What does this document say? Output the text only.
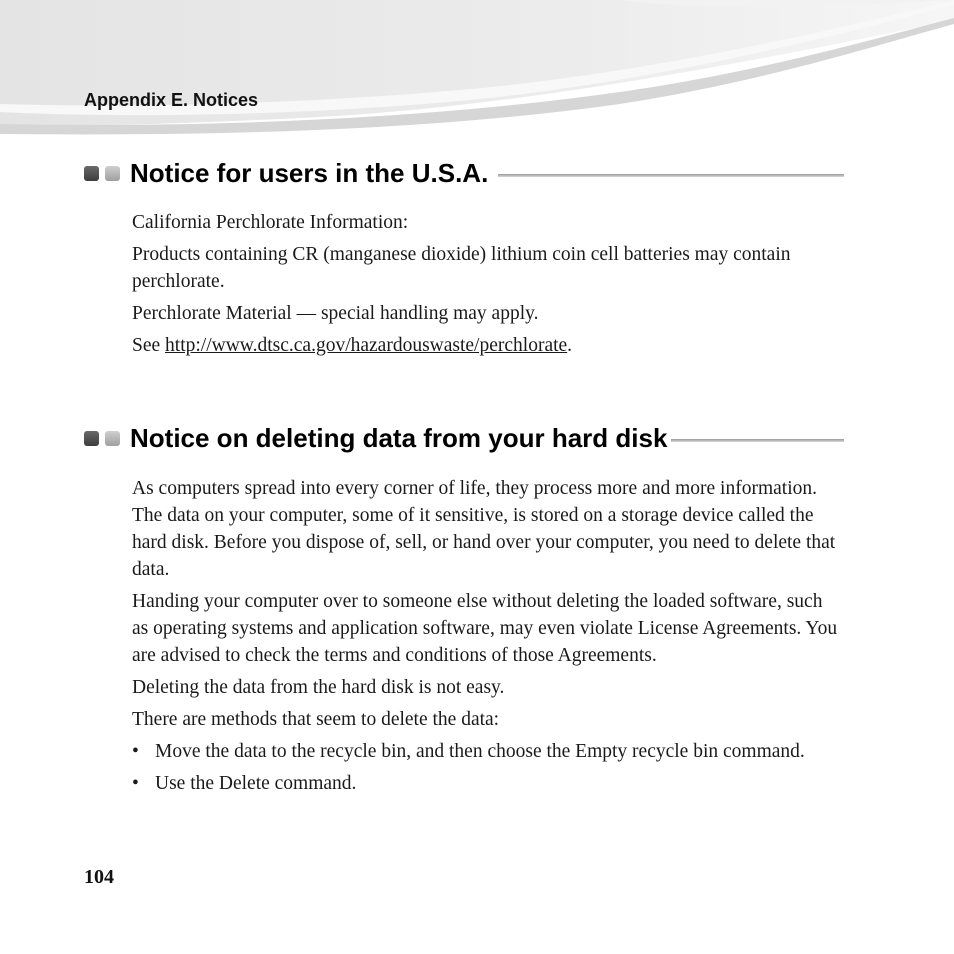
Appendix E. Notices
Notice for users in the U.S.A.

California Perchlorate Information:

Products containing CR (manganese dioxide) lithium coin cell batteries may contain perchlorate.

Perchlorate Material — special handling may apply.

See http://www.dtsc.ca.gov/hazardouswaste/perchlorate.

Notice on deleting data from your hard disk

As computers spread into every corner of life, they process more and more information. The data on your computer, some of it sensitive, is stored on a storage device called the hard disk. Before you dispose of, sell, or hand over your computer, you need to delete that data.

Handing your computer over to someone else without deleting the loaded software, such as operating systems and application software, may even violate License Agreements. You are advised to check the terms and conditions of those Agreements.

Deleting the data from the hard disk is not easy.

There are methods that seem to delete the data:

• Move the data to the recycle bin, and then choose the Empty recycle bin command.
• Use the Delete command.
104
